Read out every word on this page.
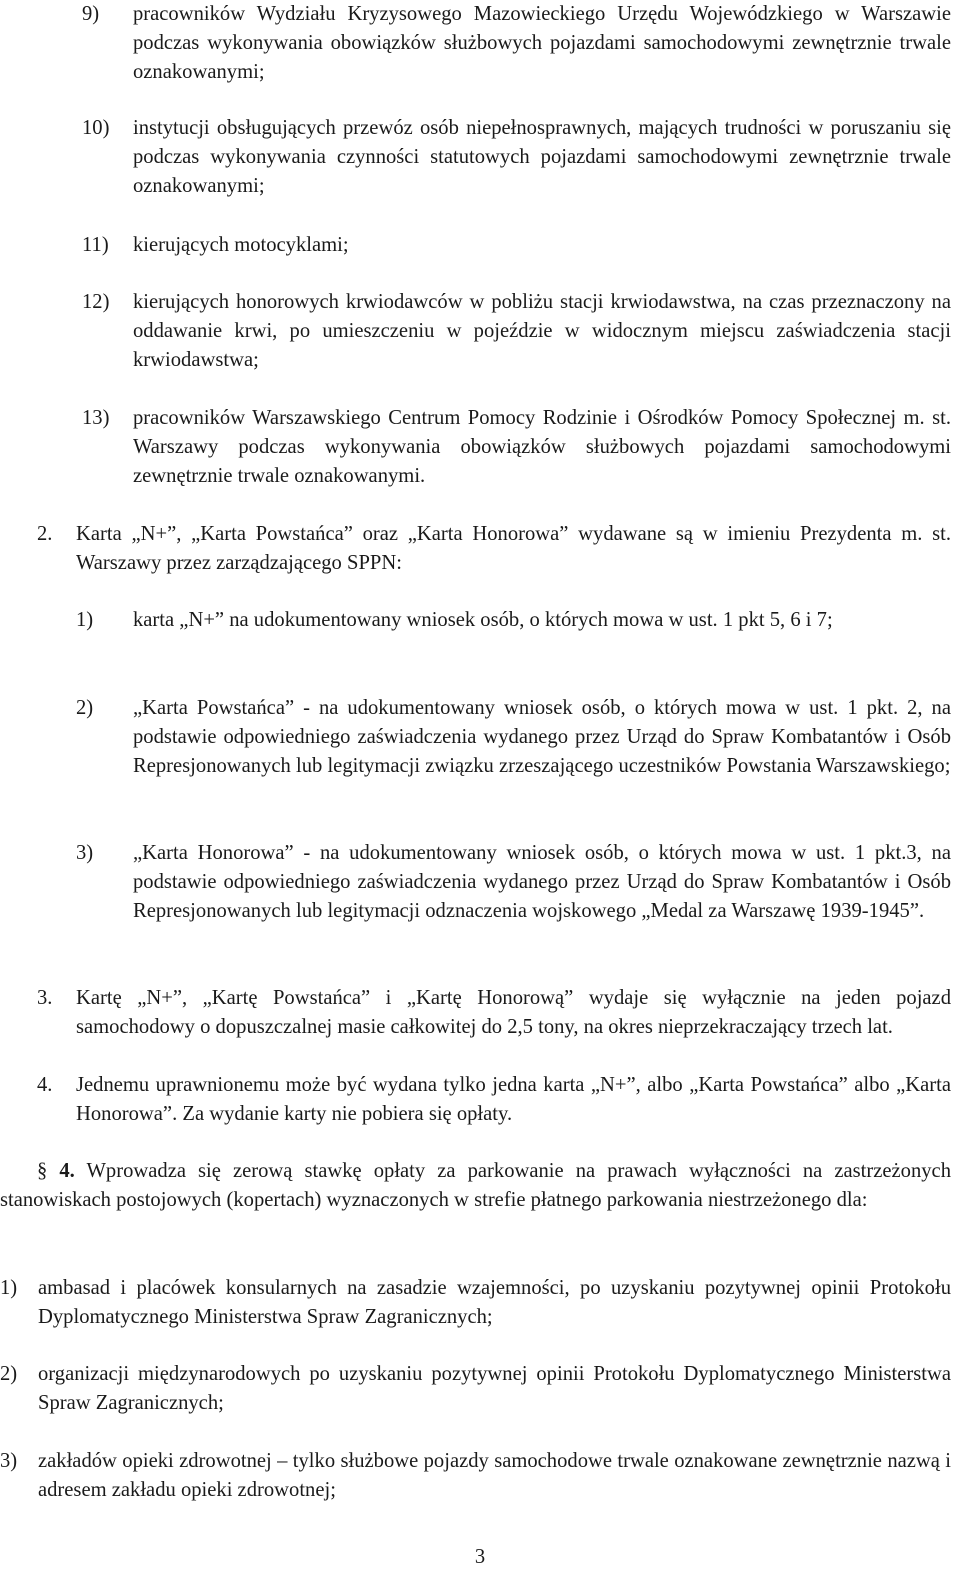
9) pracowników Wydziału Kryzysowego Mazowieckiego Urzędu Wojewódzkiego w Warszawie podczas wykonywania obowiązków służbowych pojazdami samochodowymi zewnętrznie trwale oznakowanymi;
10) instytucji obsługujących przewóz osób niepełnosprawnych, mających trudności w poruszaniu się podczas wykonywania czynności statutowych pojazdami samochodowymi zewnętrznie trwale oznakowanymi;
11) kierujących motocyklami;
12) kierujących honorowych krwiodawców w pobliżu stacji krwiodawstwa, na czas przeznaczony na oddawanie krwi, po umieszczeniu w pojeździe w widocznym miejscu zaświadczenia stacji krwiodawstwa;
13) pracowników Warszawskiego Centrum Pomocy Rodzinie i Ośrodków Pomocy Społecznej m. st. Warszawy podczas wykonywania obowiązków służbowych pojazdami samochodowymi zewnętrznie trwale oznakowanymi.
2. Karta „N+”, „Karta Powstańca” oraz „Karta Honorowa” wydawane są w imieniu Prezydenta m. st. Warszawy przez zarządzającego SPPN:
1) karta „N+” na udokumentowany wniosek osób, o których mowa w ust. 1 pkt 5, 6 i 7;
2) „Karta Powstańca” - na udokumentowany wniosek osób, o których mowa w ust. 1 pkt. 2, na podstawie odpowiedniego zaświadczenia wydanego przez Urząd do Spraw Kombatantów i Osób Represjonowanych lub legitymacji związku zrzeszającego uczestników Powstania Warszawskiego;
3) „Karta Honorowa” - na udokumentowany wniosek osób, o których mowa w ust. 1 pkt.3, na podstawie odpowiedniego zaświadczenia wydanego przez Urząd do Spraw Kombatantów i Osób Represjonowanych lub legitymacji odznaczenia wojskowego „Medal za Warszawę 1939-1945”.
3. Kartę „N+”, „Kartę Powstańca” i „Kartę Honorową” wydaje się wyłącznie na jeden pojazd samochodowy o dopuszczalnej masie całkowitej do 2,5 tony, na okres nieprzekraczający trzech lat.
4. Jednemu uprawnionemu może być wydana tylko jedna karta „N+”, albo „Karta Powstańca” albo „Karta Honorowa”. Za wydanie karty nie pobiera się opłaty.
§ 4. Wprowadza się zerową stawkę opłaty za parkowanie na prawach wyłączności na zastrzeżonych stanowiskach postojowych (kopertach) wyznaczonych w strefie płatnego parkowania niestrzeżonego dla:
1) ambasad i placówek konsularnych na zasadzie wzajemności, po uzyskaniu pozytywnej opinii Protokołu Dyplomatycznego Ministerstwa Spraw Zagranicznych;
2) organizacji międzynarodowych po uzyskaniu pozytywnej opinii Protokołu Dyplomatycznego Ministerstwa Spraw Zagranicznych;
3) zakładów opieki zdrowotnej – tylko służbowe pojazdy samochodowe trwale oznakowane zewnętrznie nazwą i adresem zakładu opieki zdrowotnej;
3
